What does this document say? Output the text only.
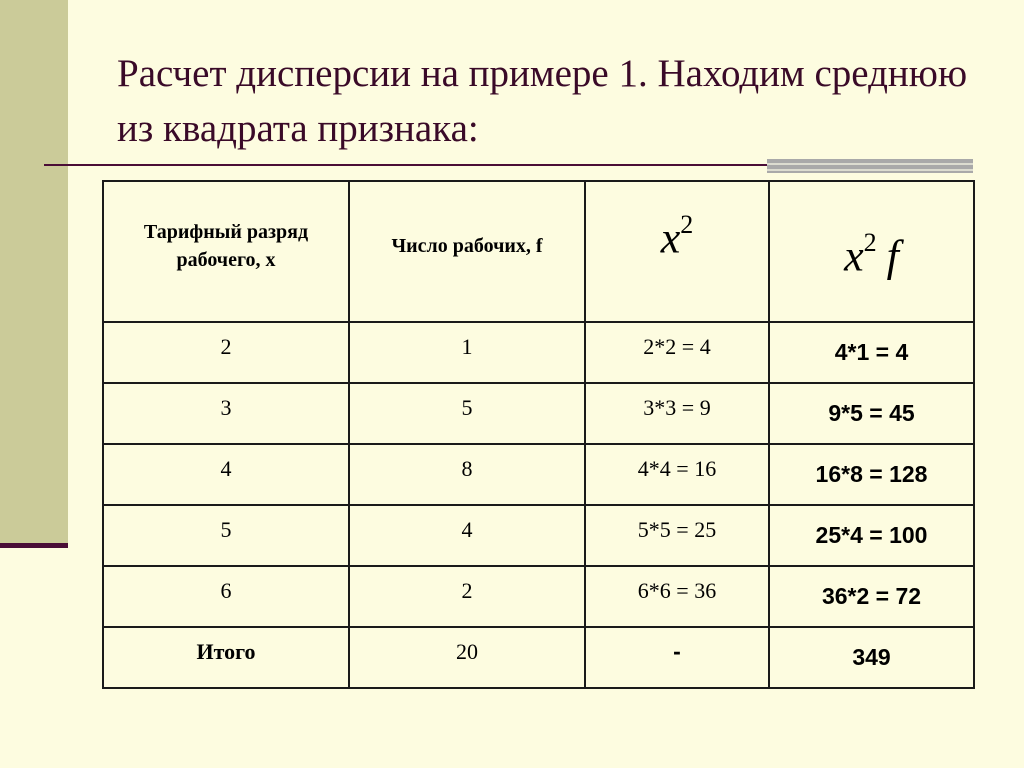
Расчет дисперсии на примере 1. Находим среднюю из квадрата признака:
Тарифный разряд рабочего, х	Число рабочих, f	$x^2$	$x^2$ f
2	1	2*2 = 4	4*1 = 4
3	5	3*3 = 9	9*5 = 45
4	8	4*4 = 16	16*8 = 128
5	4	5*5 = 25	25*4 = 100
6	2	6*6 = 36	36*2 = 72
Итого	20	-	349
